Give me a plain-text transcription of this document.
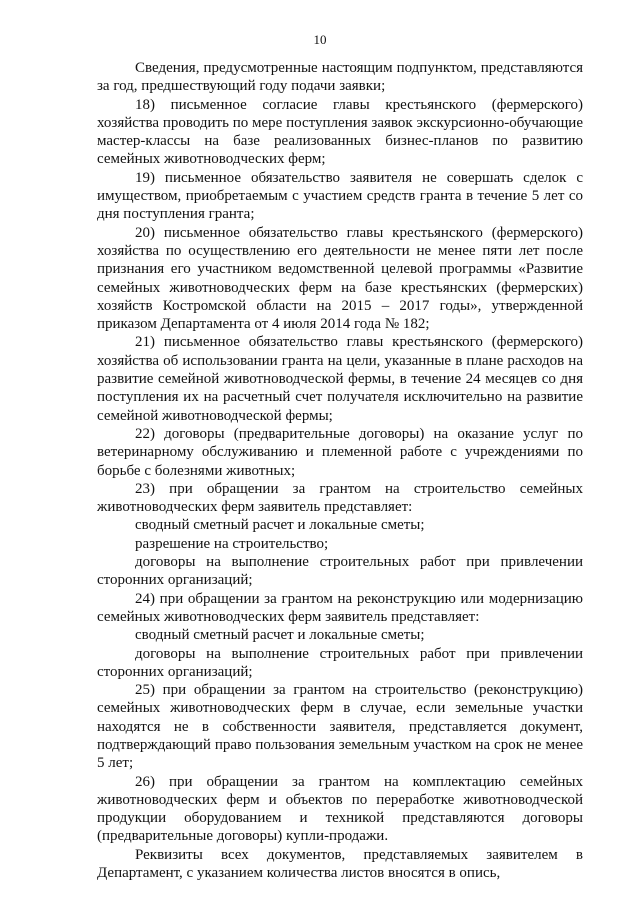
10

Сведения, предусмотренные настоящим подпунктом, представляются за год, предшествующий году подачи заявки;

18) письменное согласие главы крестьянского (фермерского) хозяйства проводить по мере поступления заявок экскурсионно-обучающие мастер-классы на базе реализованных бизнес-планов по развитию семейных животноводческих ферм;

19) письменное обязательство заявителя не совершать сделок с имуществом, приобретаемым с участием средств гранта в течение 5 лет со дня поступления гранта;

20) письменное обязательство главы крестьянского (фермерского) хозяйства по осуществлению его деятельности не менее пяти лет после признания его участником ведомственной целевой программы «Развитие семейных животноводческих ферм на базе крестьянских (фермерских) хозяйств Костромской области на 2015 – 2017 годы», утвержденной приказом Департамента от 4 июля 2014 года № 182;

21) письменное обязательство главы крестьянского (фермерского) хозяйства об использовании гранта на цели, указанные в плане расходов на развитие семейной животноводческой фермы, в течение 24 месяцев со дня поступления их на расчетный счет получателя исключительно на развитие семейной животноводческой фермы;

22) договоры (предварительные договоры) на оказание услуг по ветеринарному обслуживанию и племенной работе с учреждениями по борьбе с болезнями животных;

23) при обращении за грантом на строительство семейных животноводческих ферм заявитель представляет:

сводный сметный расчет и локальные сметы;

разрешение на строительство;

договоры на выполнение строительных работ при привлечении сторонних организаций;

24) при обращении за грантом на реконструкцию или модернизацию семейных животноводческих ферм заявитель представляет:

сводный сметный расчет и локальные сметы;

договоры на выполнение строительных работ при привлечении сторонних организаций;

25) при обращении за грантом на строительство (реконструкцию) семейных животноводческих ферм в случае, если земельные участки находятся не в собственности заявителя, представляется документ, подтверждающий право пользования земельным участком на срок не менее 5 лет;

26) при обращении за грантом на комплектацию семейных животноводческих ферм и объектов по переработке животноводческой продукции оборудованием и техникой представляются договоры (предварительные договоры) купли-продажи.

Реквизиты всех документов, представляемых заявителем в Департамент, с указанием количества листов вносятся в опись,
